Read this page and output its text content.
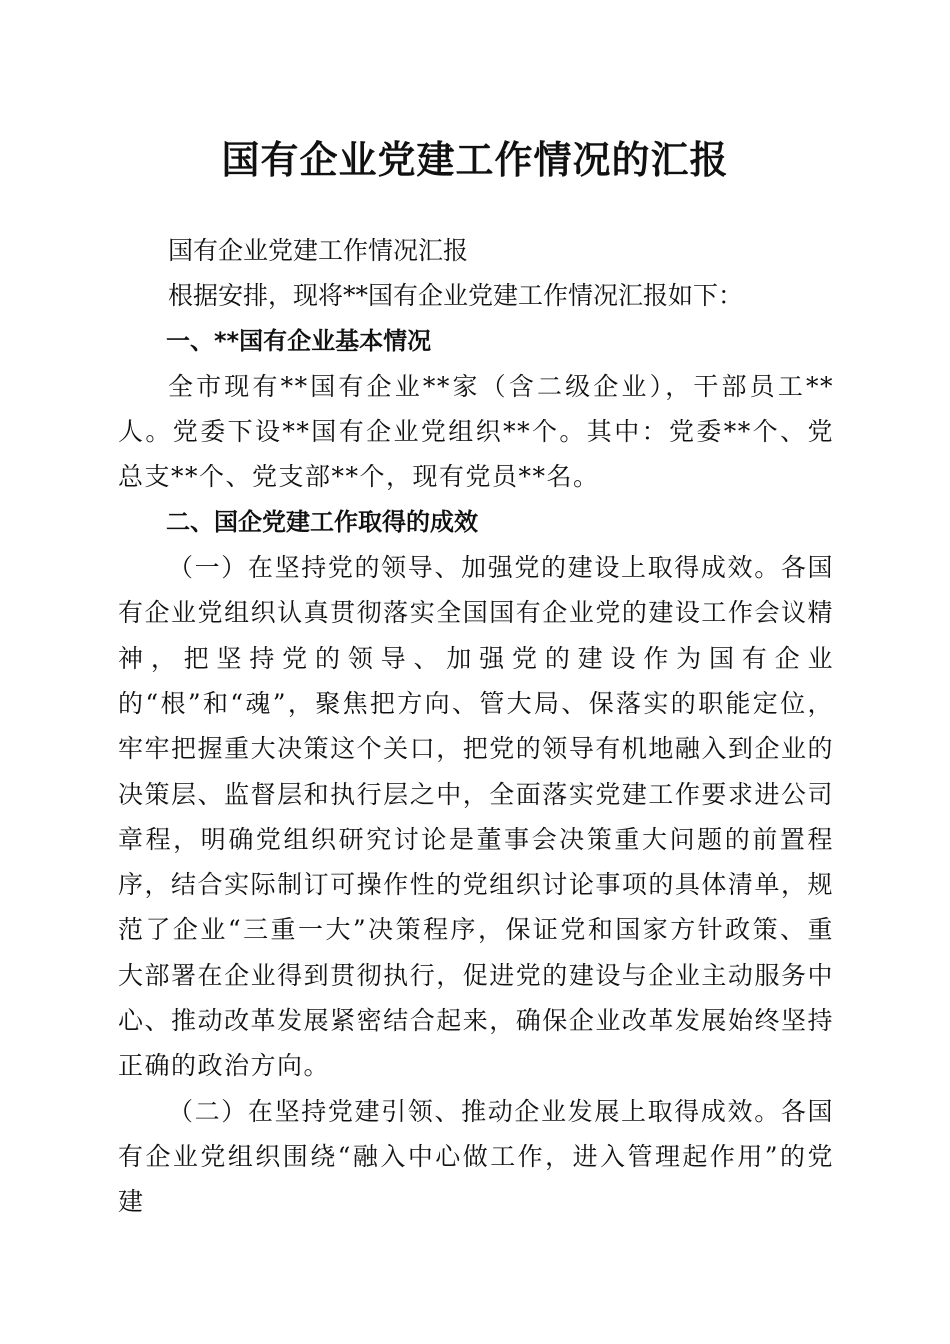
国有企业党建工作情况的汇报

国有企业党建工作情况汇报

根据安排，现将**国有企业党建工作情况汇报如下：

一、**国有企业基本情况

全市现有**国有企业**家（含二级企业），干部员工**人。党委下设**国有企业党组织**个。其中：党委**个、党总支**个、党支部**个，现有党员**名。

二、国企党建工作取得的成效

（一）在坚持党的领导、加强党的建设上取得成效。各国有企业党组织认真贯彻落实全国国有企业党的建设工作会议精神，把坚持党的领导、加强党的建设作为国有企业的“根”和“魂”，聚焦把方向、管大局、保落实的职能定位，牢牢把握重大决策这个关口，把党的领导有机地融入到企业的决策层、监督层和执行层之中，全面落实党建工作要求进公司章程，明确党组织研究讨论是董事会决策重大问题的前置程序，结合实际制订可操作性的党组织讨论事项的具体清单，规范了企业“三重一大”决策程序，保证党和国家方针政策、重大部署在企业得到贯彻执行，促进党的建设与企业主动服务中心、推动改革发展紧密结合起来，确保企业改革发展始终坚持正确的政治方向。

（二）在坚持党建引领、推动企业发展上取得成效。各国有企业党组织围绕“融入中心做工作，进入管理起作用”的党建
